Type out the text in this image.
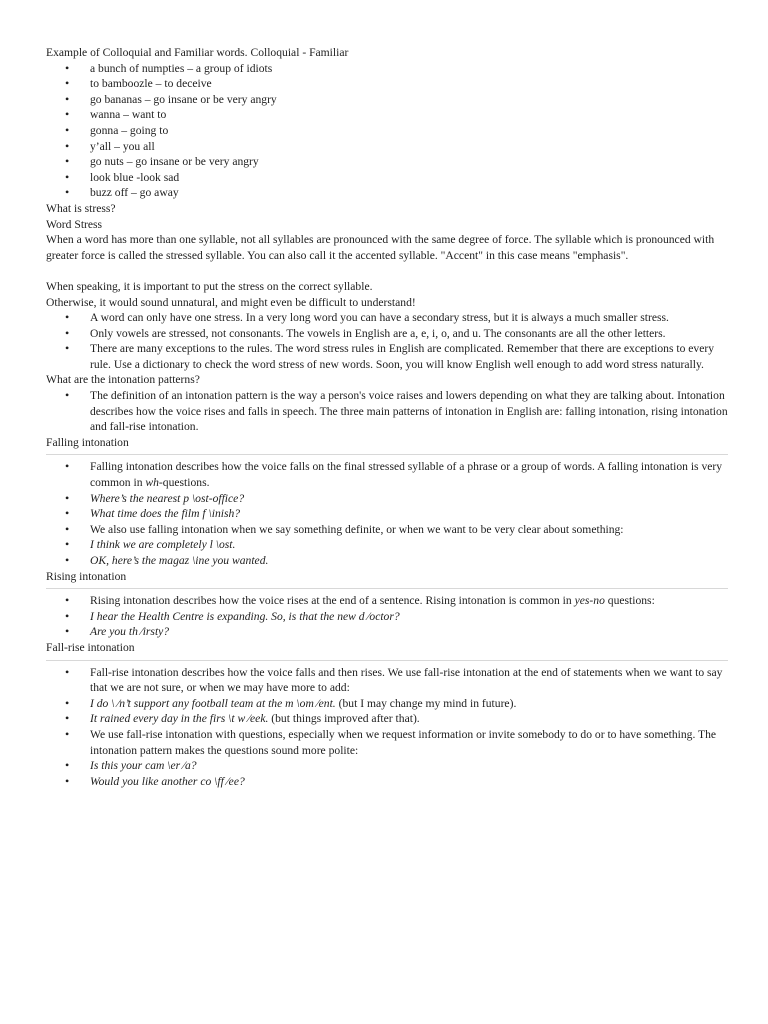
Example of Colloquial and Familiar words. Colloquial - Familiar

• a bunch of numpties – a group of idiots
• to bamboozle – to deceive
• go bananas – go insane or be very angry
• wanna – want to
• gonna – going to
• y’all – you all
• go nuts – go insane or be very angry
• look blue -look sad
• buzz off – go away

What is stress?

Word Stress

When a word has more than one syllable, not all syllables are pronounced with the same degree of force. The syllable which is pronounced with greater force is called the stressed syllable. You can also call it the accented syllable. "Accent" in this case means "emphasis".

When speaking, it is important to put the stress on the correct syllable.

Otherwise, it would sound unnatural, and might even be difficult to understand!

• A word can only have one stress. In a very long word you can have a secondary stress, but it is always a much smaller stress.
• Only vowels are stressed, not consonants. The vowels in English are a, e, i, o, and u. The consonants are all the other letters.
• There are many exceptions to the rules. The word stress rules in English are complicated. Remember that there are exceptions to every rule. Use a dictionary to check the word stress of new words. Soon, you will know English well enough to add word stress naturally.

What are the intonation patterns?

• The definition of an intonation pattern is the way a person's voice raises and lowers depending on what they are talking about. Intonation describes how the voice rises and falls in speech. The three main patterns of intonation in English are: falling intonation, rising intonation and fall-rise intonation.

Falling intonation

• Falling intonation describes how the voice falls on the final stressed syllable of a phrase or a group of words. A falling intonation is very common in wh-questions.
• Where’s the nearest p \ost-office?
• What time does the film f \inish?
• We also use falling intonation when we say something definite, or when we want to be very clear about something:
• I think we are completely l \ost.
• OK, here’s the magaz \ine you wanted.

Rising intonation

• Rising intonation describes how the voice rises at the end of a sentence. Rising intonation is common in yes-no questions:
• I hear the Health Centre is expanding. So, is that the new d ⁄‍octor?
• Are you th ⁄irsty?

Fall-rise intonation

• Fall-rise intonation describes how the voice falls and then rises. We use fall-rise intonation at the end of statements when we want to say that we are not sure, or when we may have more to add:
• I do \ ⁄n’t support any football team at the m \om ⁄ent. (but I may change my mind in future).
• It rained every day in the firs \t w ⁄eek. (but things improved after that).
• We use fall-rise intonation with questions, especially when we request information or invite somebody to do or to have something. The intonation pattern makes the questions sound more polite:
• Is this your cam \er ⁄a?
• Would you like another co \ff ⁄ee?
